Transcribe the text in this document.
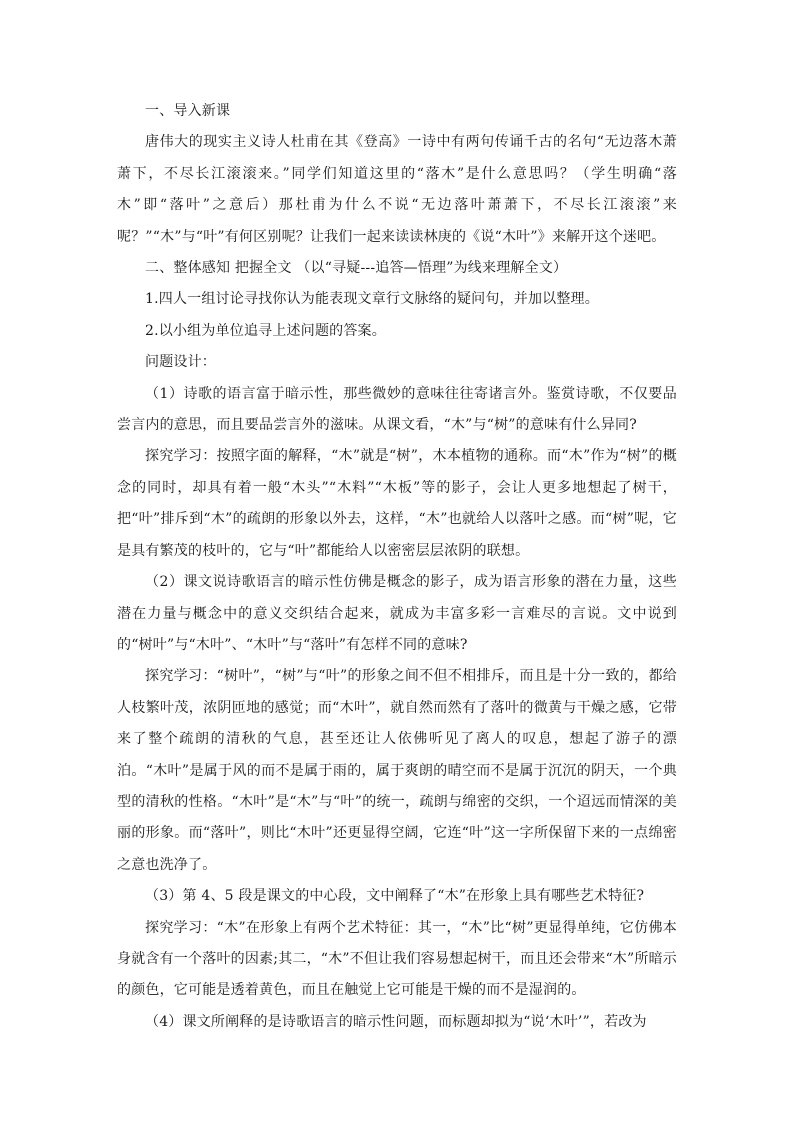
一、导入新课

唐伟大的现实主义诗人杜甫在其《登高》一诗中有两句传诵千古的名句“无边落木萧萧下，不尽长江滚滚来。”同学们知道这里的“落木”是什么意思吗？（学生明确“落木”即“落叶”之意后）那杜甫为什么不说“无边落叶萧萧下，不尽长江滚滚”来呢？”“木”与“叶”有何区别呢？让我们一起来读读林庚的《说“木叶”》来解开这个迷吧。

二、整体感知 把握全文 （以“寻疑---追答—悟理”为线来理解全文）

1.四人一组讨论寻找你认为能表现文章行文脉络的疑问句，并加以整理。

2.以小组为单位追寻上述问题的答案。

问题设计：

（1）诗歌的语言富于暗示性，那些微妙的意味往往寄诸言外。鉴赏诗歌，不仅要品尝言内的意思，而且要品尝言外的滋味。从课文看，“木”与“树”的意味有什么异同?

探究学习：按照字面的解释，“木”就是“树”，木本植物的通称。而“木”作为“树”的概念的同时，却具有着一般“木头”“木料”“木板”等的影子，会让人更多地想起了树干，把“叶”排斥到“木”的疏朗的形象以外去，这样，“木”也就给人以落叶之感。而“树”呢，它是具有繁茂的枝叶的，它与“叶”都能给人以密密层层浓阴的联想。

（2）课文说诗歌语言的暗示性仿佛是概念的影子，成为语言形象的潜在力量，这些潜在力量与概念中的意义交织结合起来，就成为丰富多彩一言难尽的言说。文中说到的“树叶”与“木叶”、“木叶”与“落叶”有怎样不同的意味?

探究学习：“树叶”，“树”与“叶”的形象之间不但不相排斥，而且是十分一致的，都给人枝繁叶茂，浓阴匝地的感觉；而“木叶”，就自然而然有了落叶的微黄与干燥之感，它带来了整个疏朗的清秋的气息，甚至还让人依佛听见了离人的叹息，想起了游子的漂泊。“木叶”是属于风的而不是属于雨的，属于爽朗的晴空而不是属于沉沉的阴天，一个典型的清秋的性格。“木叶”是“木”与“叶”的统一，疏朗与绵密的交织，一个迢远而情深的美丽的形象。而“落叶”，则比“木叶”还更显得空阔，它连“叶”这一字所保留下来的一点绵密之意也洗净了。

（3）第 4、5 段是课文的中心段，文中阐释了“木”在形象上具有哪些艺术特征?

探究学习：“木”在形象上有两个艺术特征：其一，“木”比“树”更显得单纯，它仿佛本身就含有一个落叶的因素;其二，“木”不但让我们容易想起树干，而且还会带来“木”所暗示的颜色，它可能是透着黄色，而且在触觉上它可能是干燥的而不是湿润的。

（4）课文所阐释的是诗歌语言的暗示性问题，而标题却拟为“说‘木叶’”，若改为
